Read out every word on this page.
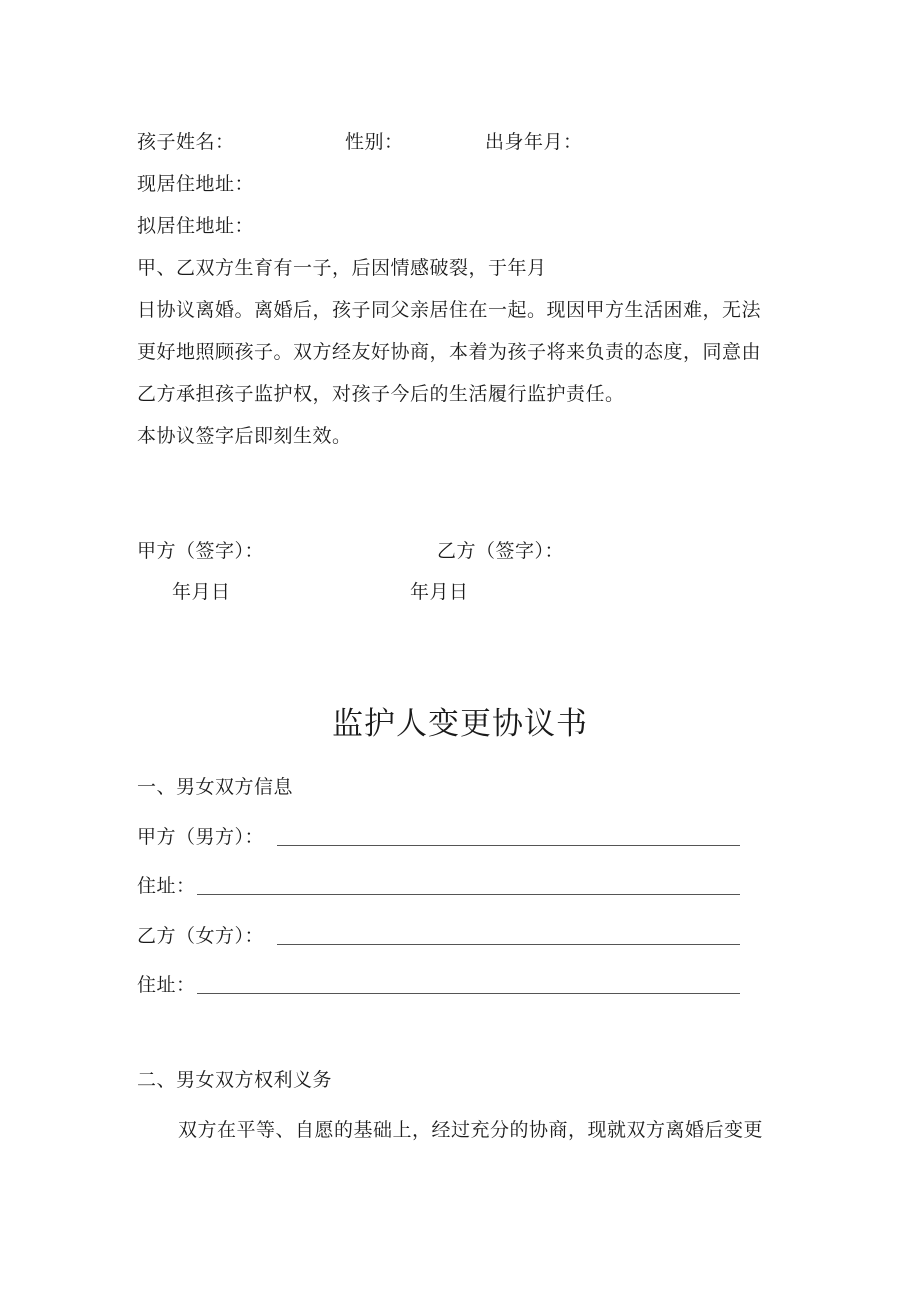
孩子姓名：	性别：	出身年月：
现居住地址：
拟居住地址：
甲、乙双方生育有一子，后因情感破裂，于年月
日协议离婚。离婚后，孩子同父亲居住在一起。现因甲方生活困难，无法
更好地照顾孩子。双方经友好协商，本着为孩子将来负责的态度，同意由
乙方承担孩子监护权，对孩子今后的生活履行监护责任。
本协议签字后即刻生效。
甲方（签字）：	乙方（签字）：
年月日	年月日
监护人变更协议书
一、男女双方信息
甲方（男方）：
住址：
乙方（女方）：
住址：
二、男女双方权利义务
双方在平等、自愿的基础上，经过充分的协商，现就双方离婚后变更
